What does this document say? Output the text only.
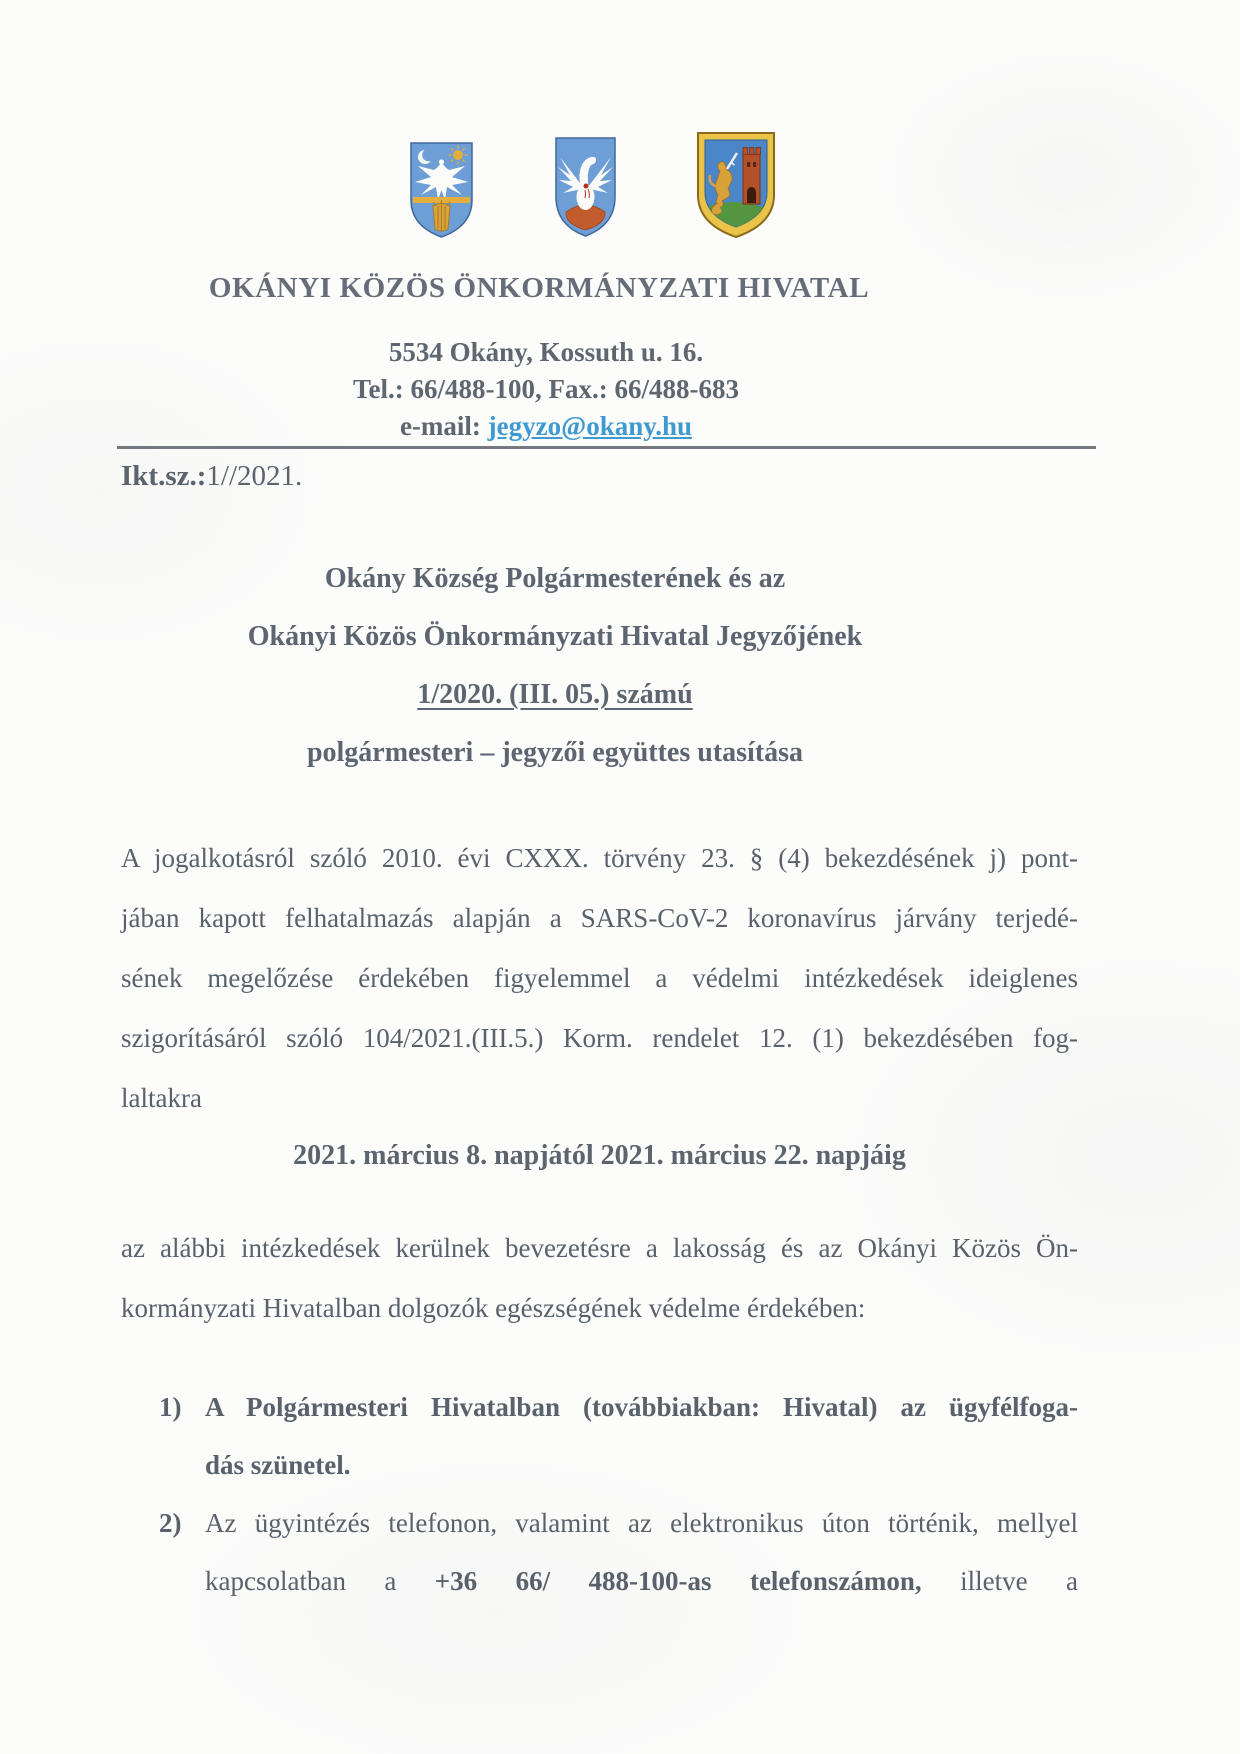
OKÁNYI KÖZÖS ÖNKORMÁNYZATI HIVATAL
5534 Okány, Kossuth u. 16.
Tel.: 66/488-100, Fax.: 66/488-683
e-mail: jegyzo@okany.hu
Ikt.sz.:1//2021.
Okány Község Polgármesterének és az
Okányi Közös Önkormányzati Hivatal Jegyzőjének
1/2020. (III. 05.) számú
polgármesteri – jegyzői együttes utasítása
A jogalkotásról szóló 2010. évi CXXX. törvény 23. § (4) bekezdésének j) pont-
jában kapott felhatalmazás alapján a SARS-CoV-2 koronavírus járvány terjedé-
sének megelőzése érdekében figyelemmel a védelmi intézkedések ideiglenes
szigorításáról szóló 104/2021.(III.5.) Korm. rendelet 12. (1) bekezdésében fog-
laltakra
2021. március 8. napjától 2021. március 22. napjáig
az alábbi intézkedések kerülnek bevezetésre a lakosság és az Okányi Közös Ön-
kormányzati Hivatalban dolgozók egészségének védelme érdekében:
1) A Polgármesteri Hivatalban (továbbiakban: Hivatal) az ügyfélfoga-
dás szünetel.
2) Az ügyintézés telefonon, valamint az elektronikus úton történik, mellyel
kapcsolatban a +36 66/ 488-100-as telefonszámon, illetve a
